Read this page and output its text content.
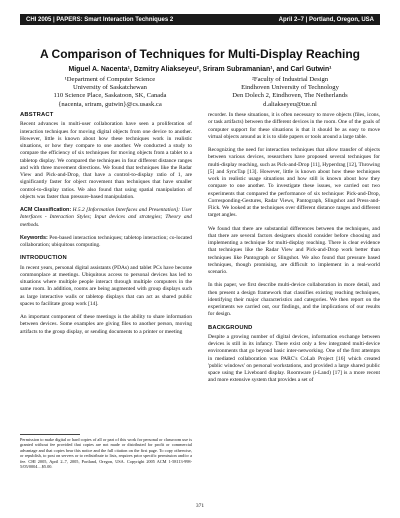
CHI 2005 | PAPERS: Smart Interaction Techniques 2	April 2–7 | Portland, Oregon, USA
A Comparison of Techniques for Multi-Display Reaching
Miguel A. Nacenta¹, Dzmitry Aliakseyeu², Sriram Subramanian¹, and Carl Gutwin¹
¹Department of Computer Science
University of Saskatchewan
110 Science Place, Saskatoon, SK, Canada
{nacenta, sriram, gutwin}@cs.usask.ca
²Faculty of Industrial Design
Eindhoven University of Technology
Den Dolech 2, Eindhoven, The Netherlands
d.aliakseyeu@tue.nl
ABSTRACT

Recent advances in multi-user collaboration have seen a proliferation of interaction techniques for moving digital objects from one device to another. However, little is known about how these techniques work in realistic situations, or how they compare to one another. We conducted a study to compare the efficiency of six techniques for moving objects from a tablet to a tabletop display. We compared the techniques in four different distance ranges and with three movement directions. We found that techniques like the Radar View and Pick-and-Drop, that have a control-to-display ratio of 1, are significantly faster for object movement than techniques that have smaller control-to-display ratios. We also found that using spatial manipulation of objects was faster than pressure-based manipulation.

ACM Classification: H.5.2 [Information Interfaces and Presentation]: User Interfaces - Interaction Styles; Input devices and strategies; Theory and methods.

Keywords: Pen-based interaction techniques; tabletop interaction; co-located collaboration; ubiquitous computing.

INTRODUCTION

In recent years, personal digital assistants (PDAs) and tablet PCs have become commonplace at meetings. Ubiquitous access to personal devices has led to situations where multiple people interact through multiple computers in the same room. In addition, rooms are being augmented with group displays such as large interactive walls or tabletop displays that can act as shared public spaces to facilitate group work [14].

An important component of these meetings is the ability to share information between devices. Some examples are giving files to another person, moving artifacts to the group display, or sending documents to a printer or meeting

Permission to make digital or hard copies of all or part of this work for personal or classroom use is granted without fee provided that copies are not made or distributed for profit or commercial advantage and that copies bear this notice and the full citation on the first page. To copy otherwise, or republish, to post on servers or to redistribute to lists, requires prior specific permission and/or a fee. CHI 2005, April 2–7, 2005, Portland, Oregon, USA. Copyright 2005 ACM 1-58113-998-5/05/0004…$5.00.

recorder. In these situations, it is often necessary to move objects (files, icons, or task artifacts) between the different devices in the room. One of the goals of computer support for these situations is that it should be as easy to move virtual objects around as it is to slide papers or tools around a large table.

Recognizing the need for interaction techniques that allow transfer of objects between various devices, researchers have proposed several techniques for multi-display reaching, such as Pick-and-Drop [11], Hyperdrag [12], Throwing [5] and SyncTap [13]. However, little is known about how these techniques work in realistic usage situations and how still is known about how they compare to one another. To investigate these issues, we carried out two experiments that compared the performance of six technique: Pick-and-Drop, Corresponding-Gestures, Radar Views, Pantograph, Slingshot and Press-and-Flick. We looked at the techniques over different distance ranges and different target angles.

We found that there are substantial differences between the techniques, and that there are several factors designers should consider before choosing and implementing a technique for multi-display reaching. There is clear evidence that techniques like the Radar View and Pick-and-Drop work better than techniques like Pantograph or Slingshot. We also found that pressure based techniques, though promising, are difficult to implement in a real-world scenario.

In this paper, we first describe multi-device collaboration in more detail, and then present a design framework that classifies existing reaching techniques, identifying their major characteristics and categories. We then report on the experiments we carried out, our findings, and the implications of our results for design.

BACKGROUND

Despite a growing number of digital devices, information exchange between devices is still in its infancy. There exist only a few integrated multi-device environments that go beyond basic inter-networking. One of the first attempts in mediated collaboration was PARC's CoLab Project [16] which created 'public windows' on personal workstations, and provided a large shared public space using the Liveboard display. Roomware (i-Land) [17] is a more recent and more extensive system that provides a set of

371
